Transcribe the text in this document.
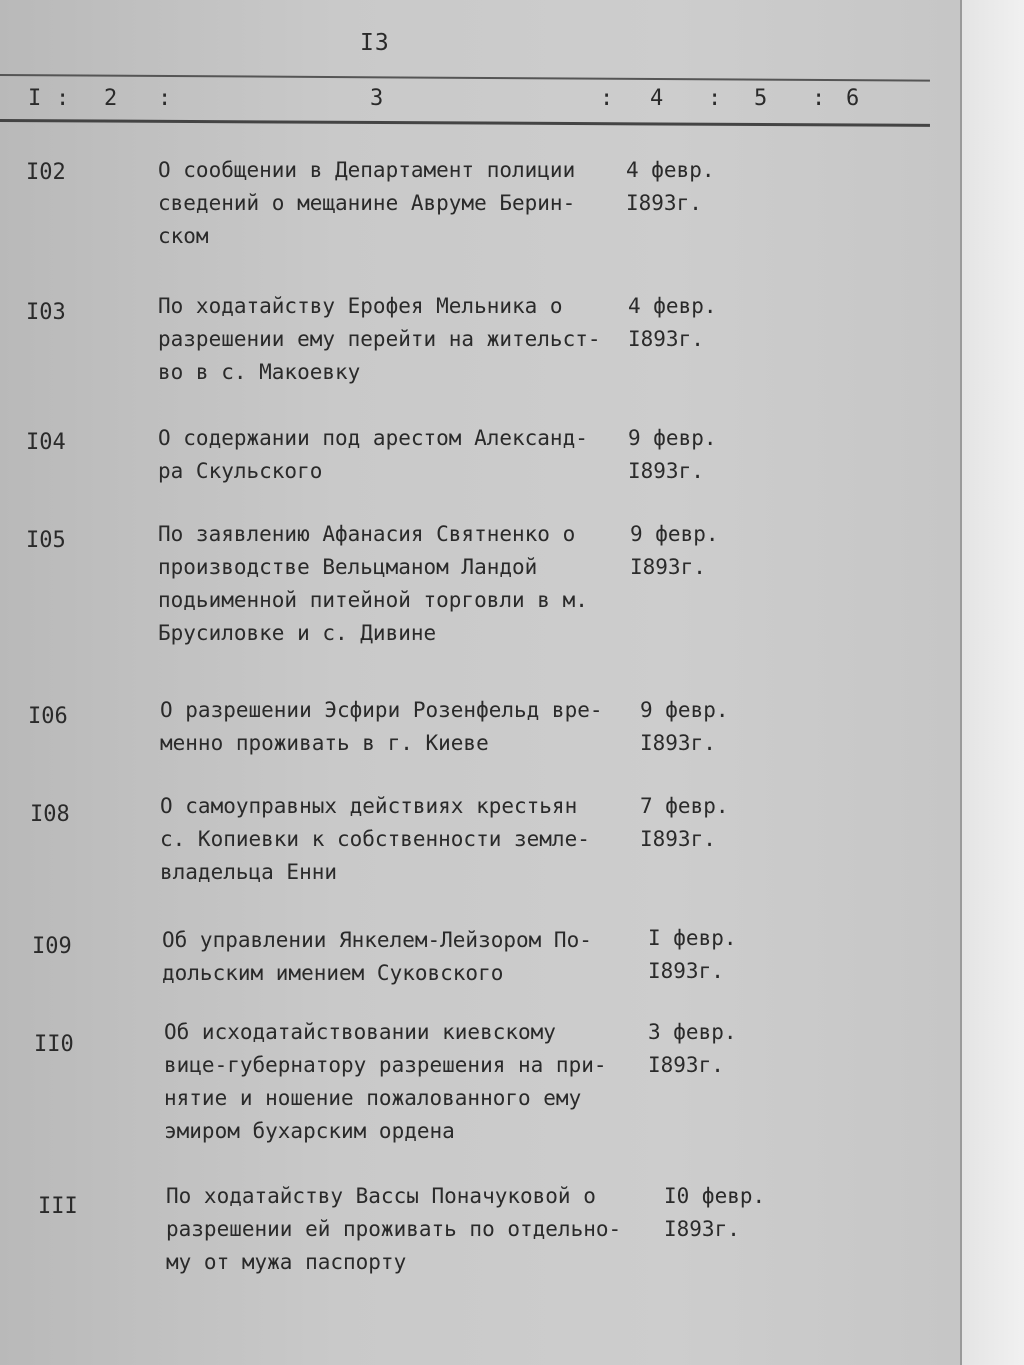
I3
I : 2 :	3	: 4 : 5 : 6
I02	О сообщении в Департамент полиции
сведений о мещанине Авруме Берин-
ском
4 февр.
I893г.
I03	По ходатайству Ерофея Мельника о
разрешении ему перейти на жительст-
во в с. Макоевку
4 февр.
I893г.
I04	О содержании под арестом Александ-
ра Скульского
9 февр.
I893г.
I05	По заявлению Афанасия Святненко о
производстве Вельцманом Ландой
подьименной питейной торговли в м.
Брусиловке и с. Дивине
9 февр.
I893г.
I06	О разрешении Эсфири Розенфельд вре-
менно проживать в г. Киеве
9 февр.
I893г.
I08	О самоуправных действиях крестьян
с. Копиевки к собственности земле-
владельца Енни
7 февр.
I893г.
I09	Об управлении Янкелем-Лейзором По-
дольским имением Суковского
I февр.
I893г.
II0	Об исходатайствовании киевскому
вице-губернатору разрешения на при-
нятие и ношение пожалованного ему
эмиром бухарским ордена
3 февр.
I893г.
III	По ходатайству Вассы Поначуковой о
разрешении ей проживать по отдельно-
му от мужа паспорту
I0 февр.
I893г.
